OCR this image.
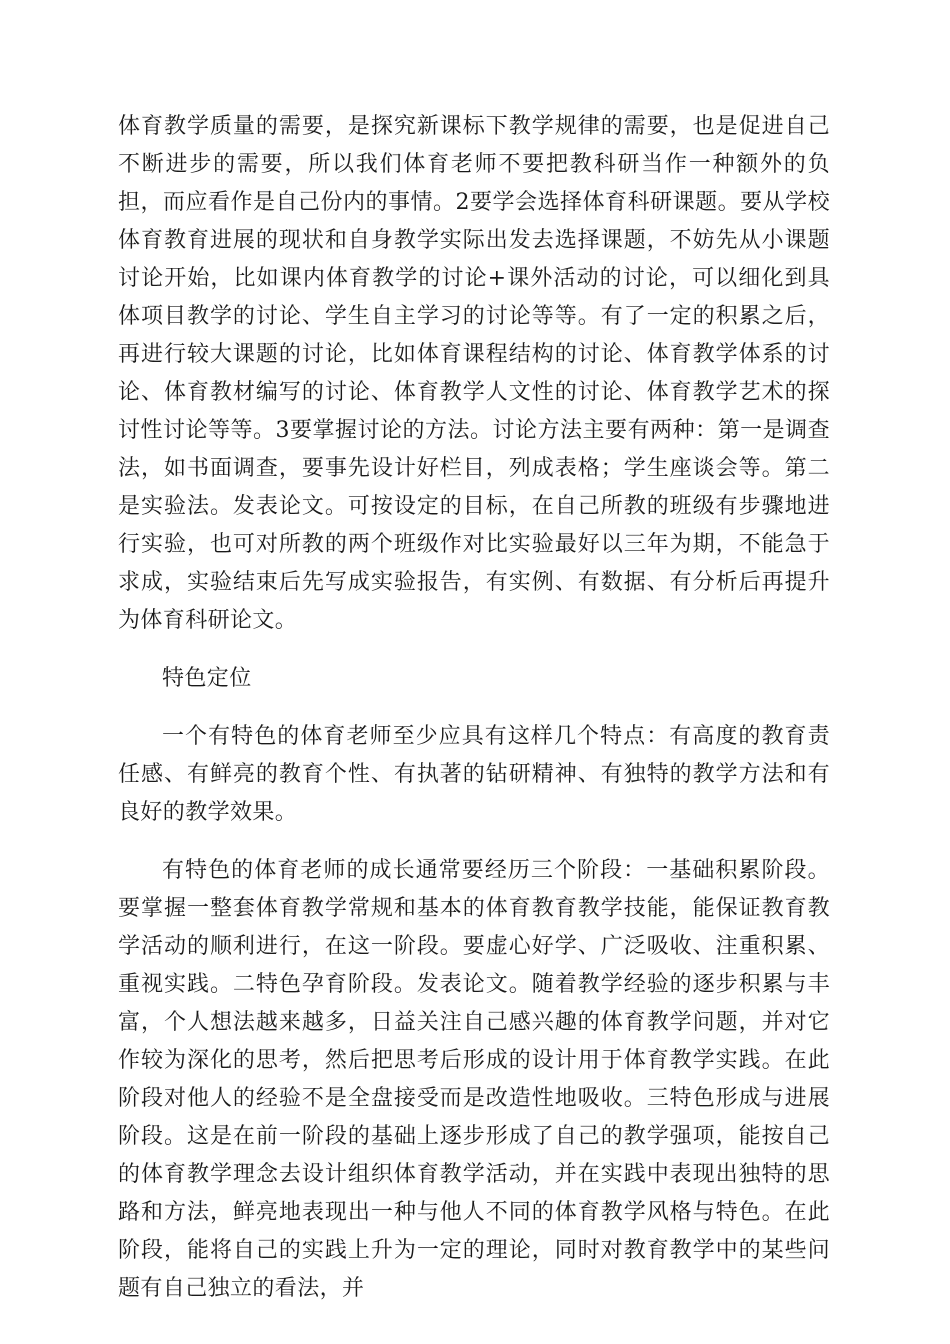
体育教学质量的需要，是探究新课标下教学规律的需要，也是促进自己不断进步的需要，所以我们体育老师不要把教科研当作一种额外的负担，而应看作是自己份内的事情。2要学会选择体育科研课题。要从学校体育教育进展的现状和自身教学实际出发去选择课题，不妨先从小课题讨论开始，比如课内体育教学的讨论+课外活动的讨论，可以细化到具体项目教学的讨论、学生自主学习的讨论等等。有了一定的积累之后，再进行较大课题的讨论，比如体育课程结构的讨论、体育教学体系的讨论、体育教材编写的讨论、体育教学人文性的讨论、体育教学艺术的探讨性讨论等等。3要掌握讨论的方法。讨论方法主要有两种：第一是调查法，如书面调查，要事先设计好栏目，列成表格；学生座谈会等。第二是实验法。发表论文。可按设定的目标，在自己所教的班级有步骤地进行实验，也可对所教的两个班级作对比实验最好以三年为期，不能急于求成，实验结束后先写成实验报告，有实例、有数据、有分析后再提升为体育科研论文。

特色定位

一个有特色的体育老师至少应具有这样几个特点：有高度的教育责任感、有鲜亮的教育个性、有执著的钻研精神、有独特的教学方法和有良好的教学效果。

有特色的体育老师的成长通常要经历三个阶段：一基础积累阶段。要掌握一整套体育教学常规和基本的体育教育教学技能，能保证教育教学活动的顺利进行，在这一阶段。要虚心好学、广泛吸收、注重积累、重视实践。二特色孕育阶段。发表论文。随着教学经验的逐步积累与丰富，个人想法越来越多，日益关注自己感兴趣的体育教学问题，并对它作较为深化的思考，然后把思考后形成的设计用于体育教学实践。在此阶段对他人的经验不是全盘接受而是改造性地吸收。三特色形成与进展阶段。这是在前一阶段的基础上逐步形成了自己的教学强项，能按自己的体育教学理念去设计组织体育教学活动，并在实践中表现出独特的思路和方法，鲜亮地表现出一种与他人不同的体育教学风格与特色。在此阶段，能将自己的实践上升为一定的理论，同时对教育教学中的某些问题有自己独立的看法，并
